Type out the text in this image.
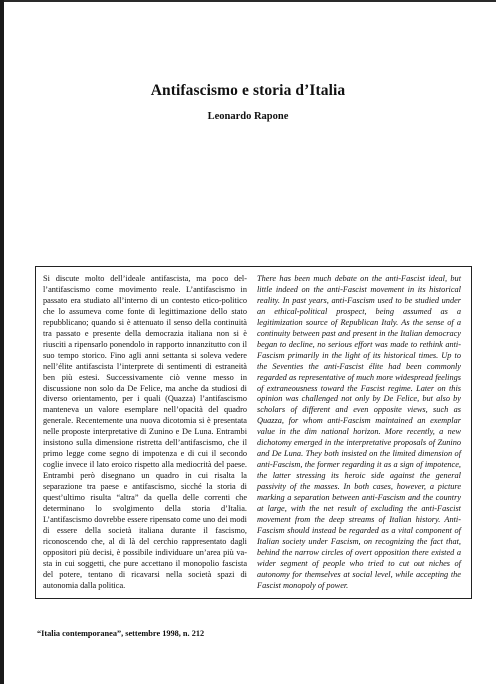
Antifascismo e storia d’Italia
Leonardo Rapone
Si discute molto dell’ideale antifascista, ma poco dell’antifascismo come movimento reale. L’antifascismo in passato era studiato all’interno di un contesto etico-politico che lo assumeva come fonte di legittimazione dello stato repubblicano; quando si è attenuato il senso della continuità tra passato e presente della democrazia italiana non si è riusciti a ripensarlo ponendolo in rapporto innanzitutto con il suo tempo storico. Fino agli anni settanta si soleva vedere nell’élite antifascista l’interprete di sentimenti di estraneità ben più estesi. Successivamente ciò venne messo in discussione non solo da De Felice, ma anche da studiosi di diverso orientamento, per i quali (Quazza) l’antifascismo manteneva un valore esemplare nell’opacità del quadro generale. Recentemente una nuova dicotomia si è presentata nelle proposte interpretative di Zunino e De Luna. Entrambi insistono sulla dimensione ristretta dell’antifascismo, che il primo legge come segno di impotenza e di cui il secondo coglie invece il lato eroico rispetto alla mediocrità del paese. Entrambi però disegnano un quadro in cui risalta la separazione tra paese e antifascismo, sicché la storia di quest’ultimo risulta “altra” da quella delle correnti che determinano lo svolgimento della storia d’Italia. L’antifascismo dovrebbe essere ripensato come uno dei modi di essere della società italiana durante il fascismo, riconoscendo che, al di là del cerchio rappresentato dagli oppositori più decisi, è possibile individuare un’area più vasta in cui soggetti, che pure accettano il monopolio fascista del potere, tentano di ricavarsi nella società spazi di autonomia dalla politica.
There has been much debate on the anti-Fascist ideal, but little indeed on the anti-Fascist movement in its historical reality. In past years, anti-Fascism used to be studied under an ethical-political prospect, being assumed as a legitimization source of Republican Italy. As the sense of a continuity between past and present in the Italian democracy began to decline, no serious effort was made to rethink anti-Fascism primarily in the light of its historical times. Up to the Seventies the anti-Fascist élite had been commonly regarded as representative of much more widespread feelings of extraneousness toward the Fascist regime. Later on this opinion was challenged not only by De Felice, but also by scholars of different and even opposite views, such as Quazza, for whom anti-Fascism maintained an exemplar value in the dim national horizon. More recently, a new dichotomy emerged in the interpretative proposals of Zunino and De Luna. They both insisted on the limited dimension of anti-Fascism, the former regarding it as a sign of impotence, the latter stressing its heroic side against the general passivity of the masses. In both cases, however, a picture marking a separation between anti-Fascism and the country at large, with the net result of excluding the anti-Fascist movement from the deep streams of Italian history. Anti-Fascism should instead be regarded as a vital component of Italian society under Fascism, on recognizing the fact that, behind the narrow circles of overt opposition there existed a wider segment of people who tried to cut out niches of autonomy for themselves at social level, while accepting the Fascist monopoly of power.
“Italia contemporanea”, settembre 1998, n. 212
